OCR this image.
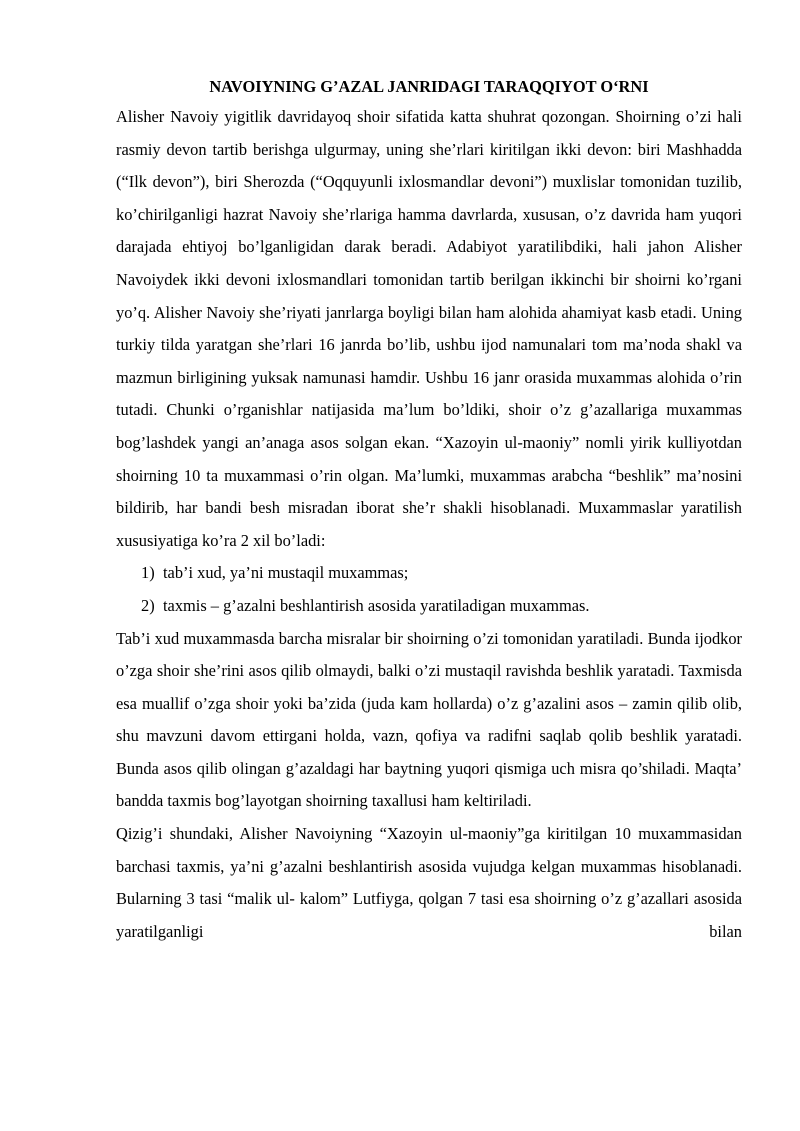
NAVOIYNING G’AZAL JANRIDAGI TARAQQIYOT O‘RNI

Alisher Navoiy yigitlik davridayoq shoir sifatida katta shuhrat qozongan. Shoirning o’zi hali rasmiy devon tartib berishga ulgurmay, uning she’rlari kiritilgan ikki devon: biri Mashhadda (“Ilk devon”), biri Sherozda (“Oqquyunli ixlosmandlar devoni”) muxlislar tomonidan tuzilib, ko’chirilganligi hazrat Navoiy she’rlariga hamma davrlarda, xususan, o’z davrida ham yuqori darajada ehtiyoj bo’lganligidan darak beradi. Adabiyot yaratilibdiki, hali jahon Alisher Navoiydek ikki devoni ixlosmandlari tomonidan tartib berilgan ikkinchi bir shoirni ko’rgani yo’q. Alisher Navoiy she’riyati janrlarga boyligi bilan ham alohida ahamiyat kasb etadi. Uning turkiy tilda yaratgan she’rlari 16 janrda bo’lib, ushbu ijod namunalari tom ma’noda shakl va mazmun birligining yuksak namunasi hamdir. Ushbu 16 janr orasida muxammas alohida o’rin tutadi. Chunki o’rganishlar natijasida ma’lum bo’ldiki, shoir o’z g’azallariga muxammas bog’lashdek yangi an’anaga asos solgan ekan. “Xazoyin ul-maoniy” nomli yirik kulliyotdan shoirning 10 ta muxammasi o’rin olgan. Ma’lumki, muxammas arabcha “beshlik” ma’nosini bildirib, har bandi besh misradan iborat she’r shakli hisoblanadi. Muxammaslar yaratilish xususiyatiga ko’ra 2 xil bo’ladi:

1) tab’i xud, ya’ni mustaqil muxammas;
2) taxmis – g’azalni beshlantirish asosida yaratiladigan muxammas.

Tab’i xud muxammasda barcha misralar bir shoirning o’zi tomonidan yaratiladi. Bunda ijodkor o’zga shoir she’rini asos qilib olmaydi, balki o’zi mustaqil ravishda beshlik yaratadi. Taxmisda esa muallif o’zga shoir yoki ba’zida (juda kam hollarda) o’z g’azalini asos – zamin qilib olib, shu mavzuni davom ettirgani holda, vazn, qofiya va radifni saqlab qolib beshlik yaratadi. Bunda asos qilib olingan g’azaldagi har baytning yuqori qismiga uch misra qo’shiladi. Maqta’ bandda taxmis bog’layotgan shoirning taxallusi ham keltiriladi.

Qizig’i shundaki, Alisher Navoiyning “Xazoyin ul-maoniy”ga kiritilgan 10 muxammasidan barchasi taxmis, ya’ni g’azalni beshlantirish asosida vujudga kelgan muxammas hisoblanadi. Bularning 3 tasi “malik ul- kalom” Lutfiyga, qolgan 7 tasi esa shoirning o’z g’azallari asosida yaratilganligi bilan
